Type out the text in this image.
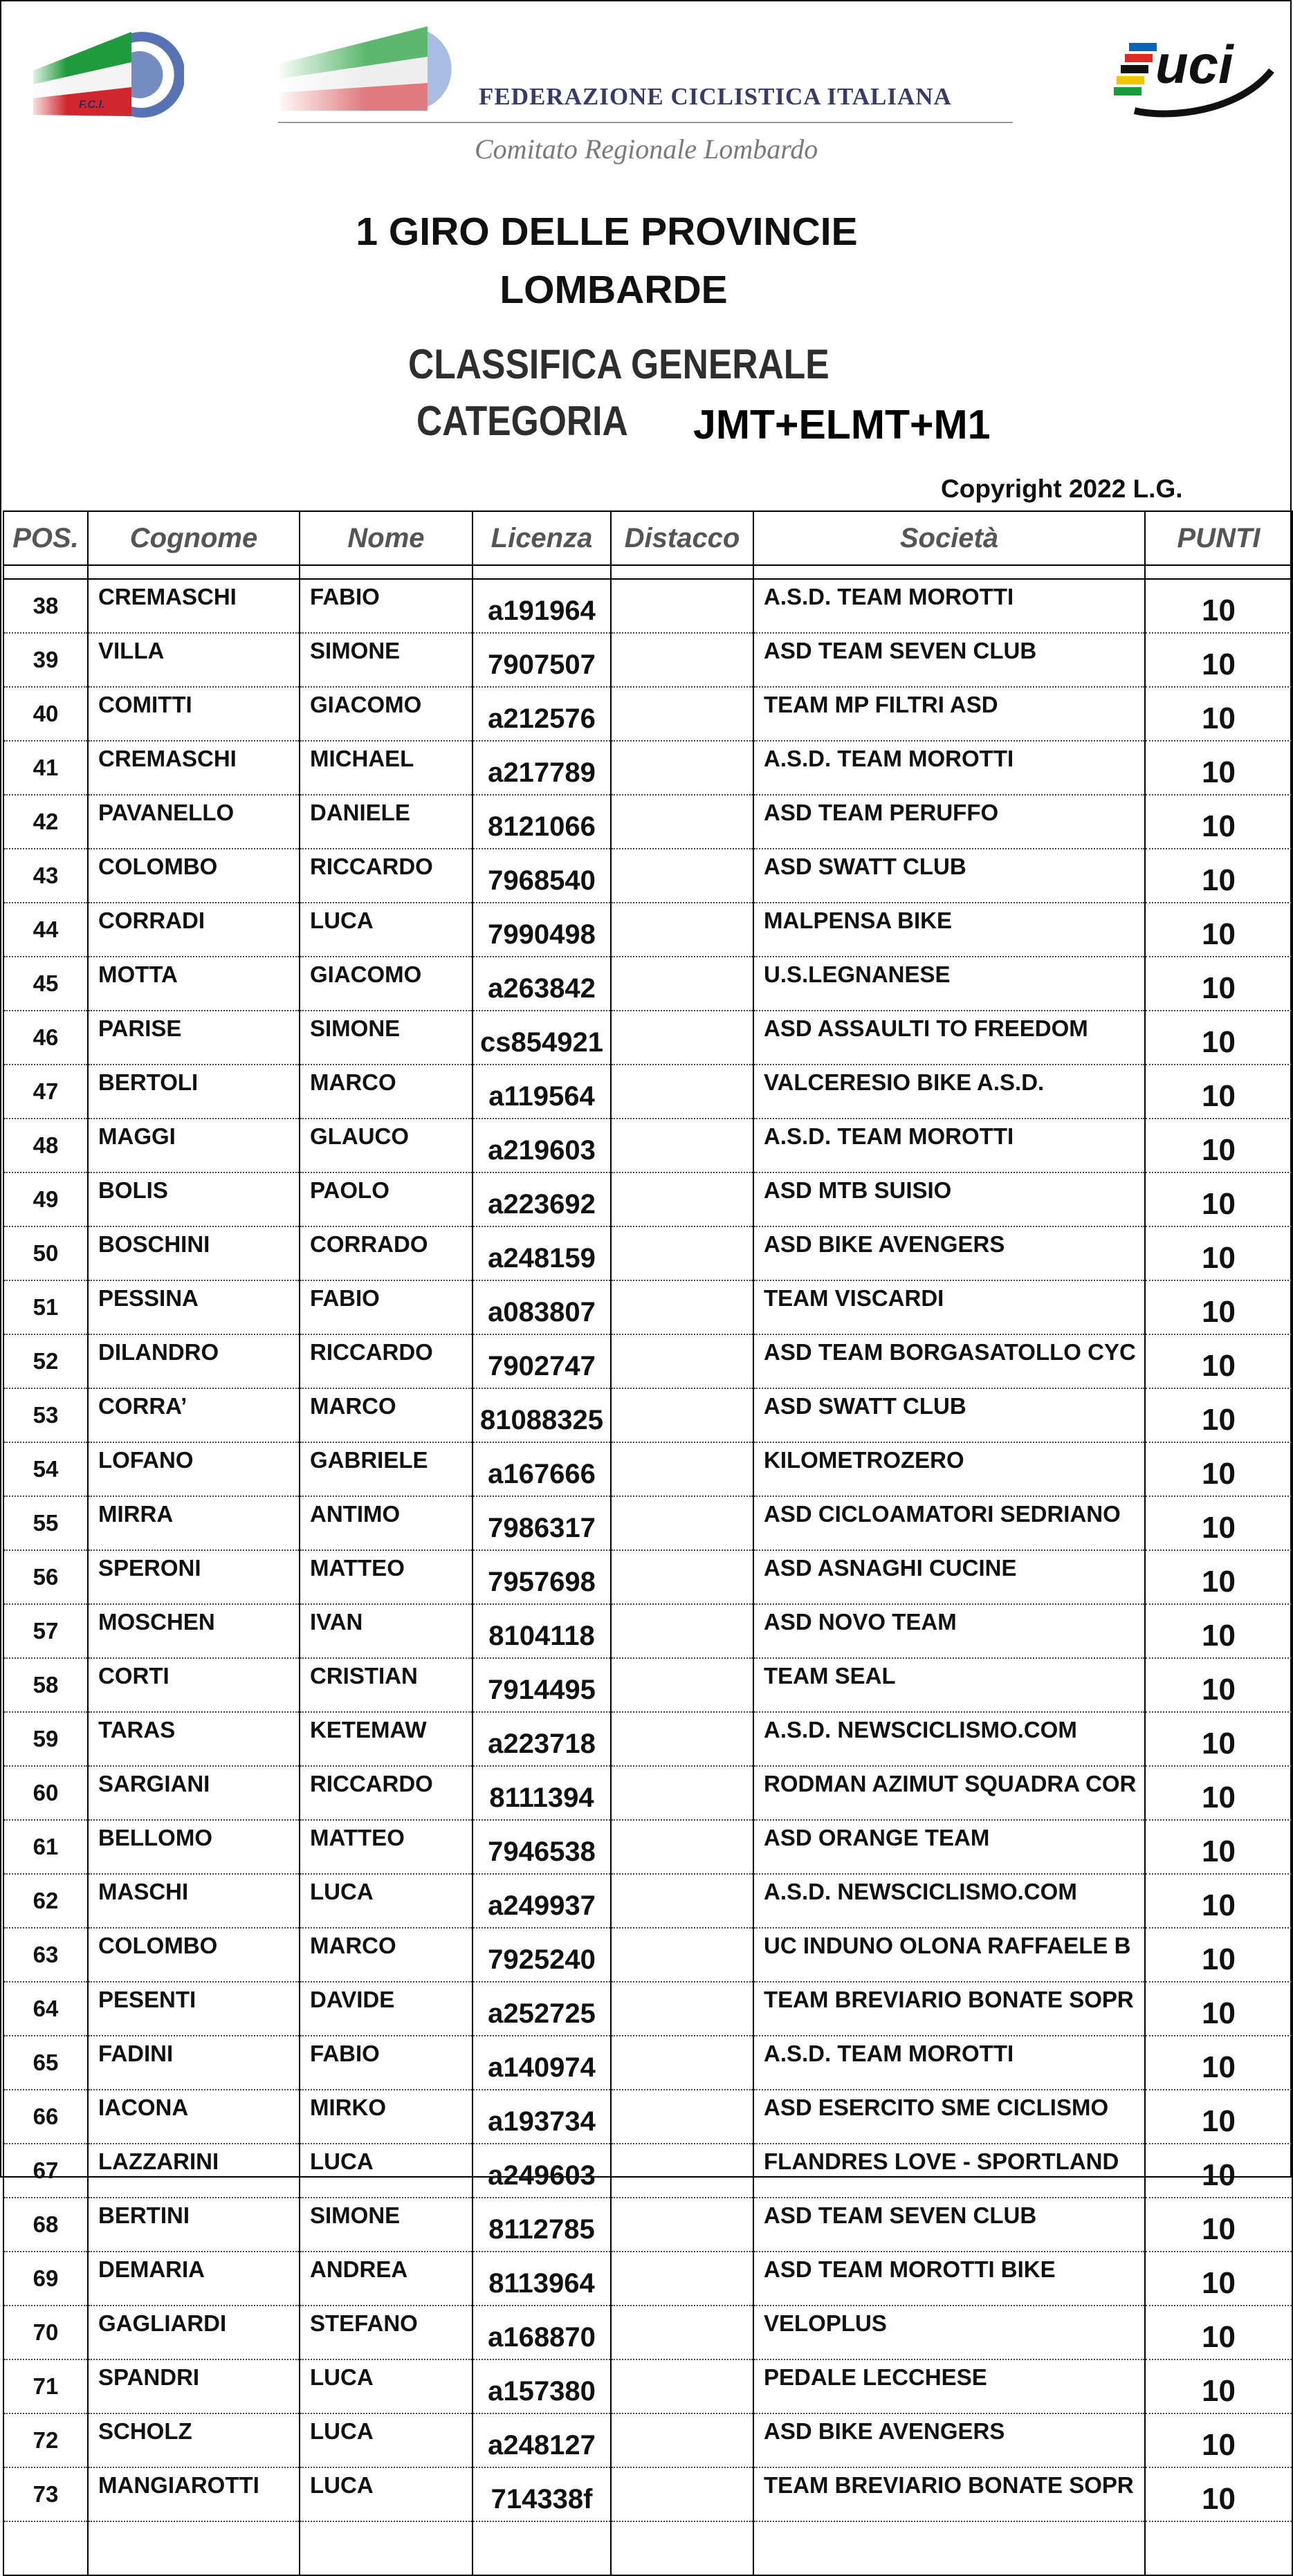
F.C.I.	FEDERAZIONE CICLISTICA ITALIANA
Comitato Regionale Lombardo
uci
1 GIRO DELLE PROVINCIE
LOMBARDE
CLASSIFICA GENERALE
CATEGORIA JMT+ELMT+M1
Copyright 2022 L.G.
POS.	Cognome	Nome	Licenza	Distacco	Società	PUNTI

38	CREMASCHI	FABIO	a191964		A.S.D. TEAM MOROTTI	10
39	VILLA	SIMONE	7907507		ASD TEAM SEVEN CLUB	10
40	COMITTI	GIACOMO	a212576		TEAM MP FILTRI ASD	10
41	CREMASCHI	MICHAEL	a217789		A.S.D. TEAM MOROTTI	10
42	PAVANELLO	DANIELE	8121066		ASD TEAM PERUFFO	10
43	COLOMBO	RICCARDO	7968540		ASD SWATT CLUB	10
44	CORRADI	LUCA	7990498		MALPENSA BIKE	10
45	MOTTA	GIACOMO	a263842		U.S.LEGNANESE	10
46	PARISE	SIMONE	cs854921		ASD ASSAULTI TO FREEDOM	10
47	BERTOLI	MARCO	a119564		VALCERESIO BIKE A.S.D.	10
48	MAGGI	GLAUCO	a219603		A.S.D. TEAM MOROTTI	10
49	BOLIS	PAOLO	a223692		ASD MTB SUISIO	10
50	BOSCHINI	CORRADO	a248159		ASD BIKE AVENGERS	10
51	PESSINA	FABIO	a083807		TEAM VISCARDI	10
52	DILANDRO	RICCARDO	7902747		ASD TEAM BORGASATOLLO CYC	10
53	CORRA’	MARCO	81088325		ASD SWATT CLUB	10
54	LOFANO	GABRIELE	a167666		KILOMETROZERO	10
55	MIRRA	ANTIMO	7986317		ASD CICLOAMATORI SEDRIANO	10
56	SPERONI	MATTEO	7957698		ASD ASNAGHI CUCINE	10
57	MOSCHEN	IVAN	8104118		ASD NOVO TEAM	10
58	CORTI	CRISTIAN	7914495		TEAM SEAL	10
59	TARAS	KETEMAW	a223718		A.S.D. NEWSCICLISMO.COM	10
60	SARGIANI	RICCARDO	8111394		RODMAN AZIMUT SQUADRA COR	10
61	BELLOMO	MATTEO	7946538		ASD ORANGE TEAM	10
62	MASCHI	LUCA	a249937		A.S.D. NEWSCICLISMO.COM	10
63	COLOMBO	MARCO	7925240		UC INDUNO OLONA RAFFAELE B	10
64	PESENTI	DAVIDE	a252725		TEAM BREVIARIO BONATE SOPR	10
65	FADINI	FABIO	a140974		A.S.D. TEAM MOROTTI	10
66	IACONA	MIRKO	a193734		ASD ESERCITO SME CICLISMO	10
67	LAZZARINI	LUCA	a249603		FLANDRES LOVE - SPORTLAND	10
68	BERTINI	SIMONE	8112785		ASD TEAM SEVEN CLUB	10
69	DEMARIA	ANDREA	8113964		ASD TEAM MOROTTI BIKE	10
70	GAGLIARDI	STEFANO	a168870		VELOPLUS	10
71	SPANDRI	LUCA	a157380		PEDALE LECCHESE	10
72	SCHOLZ	LUCA	a248127		ASD BIKE AVENGERS	10
73	MANGIAROTTI	LUCA	714338f		TEAM BREVIARIO BONATE SOPR	10
